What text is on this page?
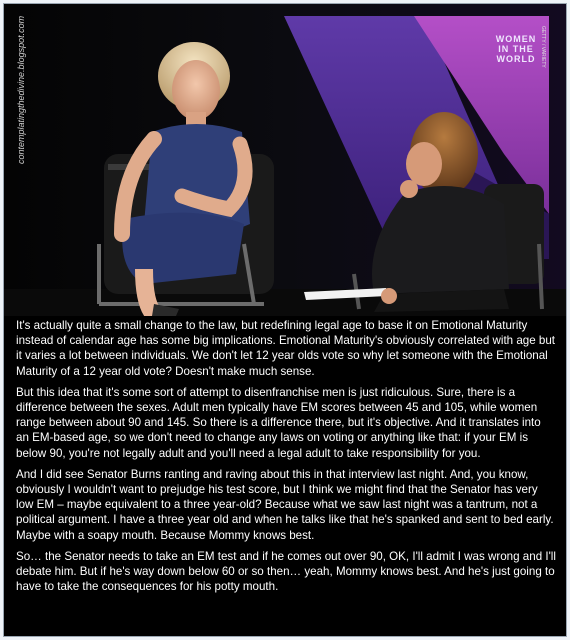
contemplatingthedivine.blogspot.com	WOMEN
IN THE
WORLD GETTY / VARIETY

It's actually quite a small change to the law, but redefining legal age to base it on Emotional Maturity instead of calendar age has some big implications. Emotional Maturity's obviously correlated with age but it varies a lot between individuals. We don't let 12 year olds vote so why let someone with the Emotional Maturity of a 12 year old vote? Doesn't make much sense.

But this idea that it's some sort of attempt to disenfranchise men is just ridiculous. Sure, there is a difference between the sexes. Adult men typically have EM scores between 45 and 105, while women range between about 90 and 145. So there is a difference there, but it's objective. And it translates into an EM-based age, so we don't need to change any laws on voting or anything like that: if your EM is below 90, you're not legally adult and you'll need a legal adult to take responsibility for you.

And I did see Senator Burns ranting and raving about this in that interview last night. And, you know, obviously I wouldn't want to prejudge his test score, but I think we might find that the Senator has very low EM – maybe equivalent to a three year-old? Because what we saw last night was a tantrum, not a political argument. I have a three year old and when he talks like that he's spanked and sent to bed early. Maybe with a soapy mouth. Because Mommy knows best.

So… the Senator needs to take an EM test and if he comes out over 90, OK, I'll admit I was wrong and I'll debate him. But if he's way down below 60 or so then… yeah, Mommy knows best. And he's just going to have to take the consequences for his potty mouth.
